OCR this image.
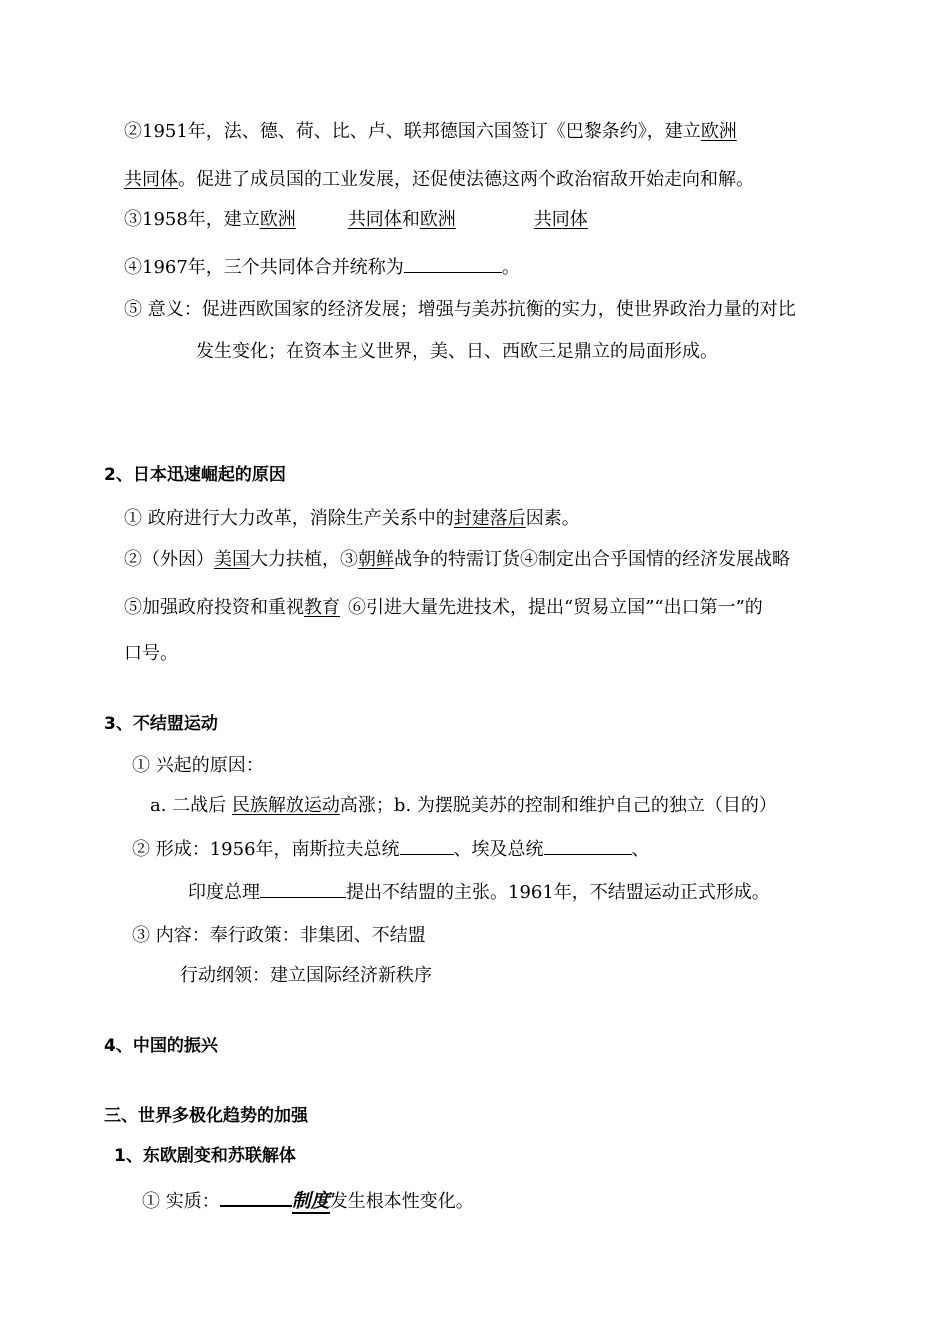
②1951年，法、德、荷、比、卢、联邦德国六国签订《巴黎条约》，建立欧洲
共同体。促进了成员国的工业发展，还促使法德这两个政治宿敌开始走向和解。
③1958年，建立欧洲	共同体和欧洲	共同体
④1967年，三个共同体合并统称为	。
⑤ 意义：促进西欧国家的经济发展；增强与美苏抗衡的实力，使世界政治力量的对比
发生变化；在资本主义世界，美、日、西欧三足鼎立的局面形成。
2、日本迅速崛起的原因
① 政府进行大力改革，消除生产关系中的封建落后因素。
②（外因）美国大力扶植，③朝鲜战争的特需订货④制定出合乎国情的经济发展战略
⑤加强政府投资和重视教育 ⑥引进大量先进技术，提出“贸易立国”“出口第一”的
口号。
3、不结盟运动
① 兴起的原因：
a. 二战后 民族解放运动高涨；b. 为摆脱美苏的控制和维护自己的独立（目的）
② 形成：1956年，南斯拉夫总统	、埃及总统	、
印度总理	提出不结盟的主张。1961年，不结盟运动正式形成。
③ 内容：奉行政策：非集团、不结盟
行动纲领：建立国际经济新秩序
4、中国的振兴
三、世界多极化趋势的加强
1、东欧剧变和苏联解体
① 实质：	制度发生根本性变化。
